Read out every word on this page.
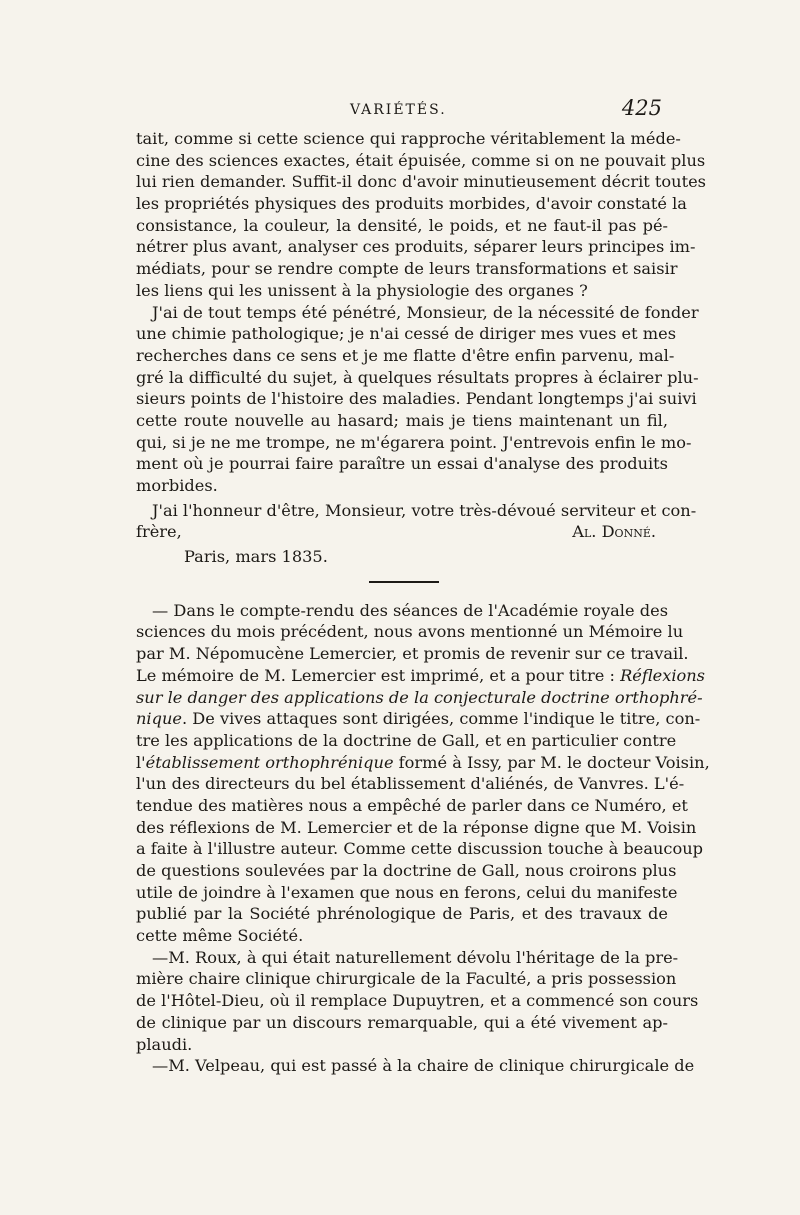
VARIÉTÉS.	425
tait, comme si cette science qui rapproche véritablement la méde-
cine des sciences exactes, était épuisée, comme si on ne pouvait plus
lui rien demander. Suffit-il donc d'avoir minutieusement décrit toutes
les propriétés physiques des produits morbides, d'avoir constaté la
consistance, la couleur, la densité, le poids, et ne faut-il pas pé-
nétrer plus avant, analyser ces produits, séparer leurs principes im-
médiats, pour se rendre compte de leurs transformations et saisir
les liens qui les unissent à la physiologie des organes ?
J'ai de tout temps été pénétré, Monsieur, de la nécessité de fonder
une chimie pathologique; je n'ai cessé de diriger mes vues et mes
recherches dans ce sens et je me flatte d'être enfin parvenu, mal-
gré la difficulté du sujet, à quelques résultats propres à éclairer plu-
sieurs points de l'histoire des maladies. Pendant longtemps j'ai suivi
cette route nouvelle au hasard; mais je tiens maintenant un fil,
qui, si je ne me trompe, ne m'égarera point. J'entrevois enfin le mo-
ment où je pourrai faire paraître un essai d'analyse des produits
morbides.
J'ai l'honneur d'être, Monsieur, votre très-dévoué serviteur et con-
frère,	Al. Donné.
Paris, mars 1835.
— Dans le compte-rendu des séances de l'Académie royale des
sciences du mois précédent, nous avons mentionné un Mémoire lu
par M. Népomucène Lemercier, et promis de revenir sur ce travail.
Le mémoire de M. Lemercier est imprimé, et a pour titre : Réflexions
sur le danger des applications de la conjecturale doctrine orthophré-
nique. De vives attaques sont dirigées, comme l'indique le titre, con-
tre les applications de la doctrine de Gall, et en particulier contre
l'établissement orthophrénique formé à Issy, par M. le docteur Voisin,
l'un des directeurs du bel établissement d'aliénés, de Vanvres. L'é-
tendue des matières nous a empêché de parler dans ce Numéro, et
des réflexions de M. Lemercier et de la réponse digne que M. Voisin
a faite à l'illustre auteur. Comme cette discussion touche à beaucoup
de questions soulevées par la doctrine de Gall, nous croirons plus
utile de joindre à l'examen que nous en ferons, celui du manifeste
publié par la Société phrénologique de Paris, et des travaux de
cette même Société.
—M. Roux, à qui était naturellement dévolu l'héritage de la pre-
mière chaire clinique chirurgicale de la Faculté, a pris possession
de l'Hôtel-Dieu, où il remplace Dupuytren, et a commencé son cours
de clinique par un discours remarquable, qui a été vivement ap-
plaudi.
—M. Velpeau, qui est passé à la chaire de clinique chirurgicale de
